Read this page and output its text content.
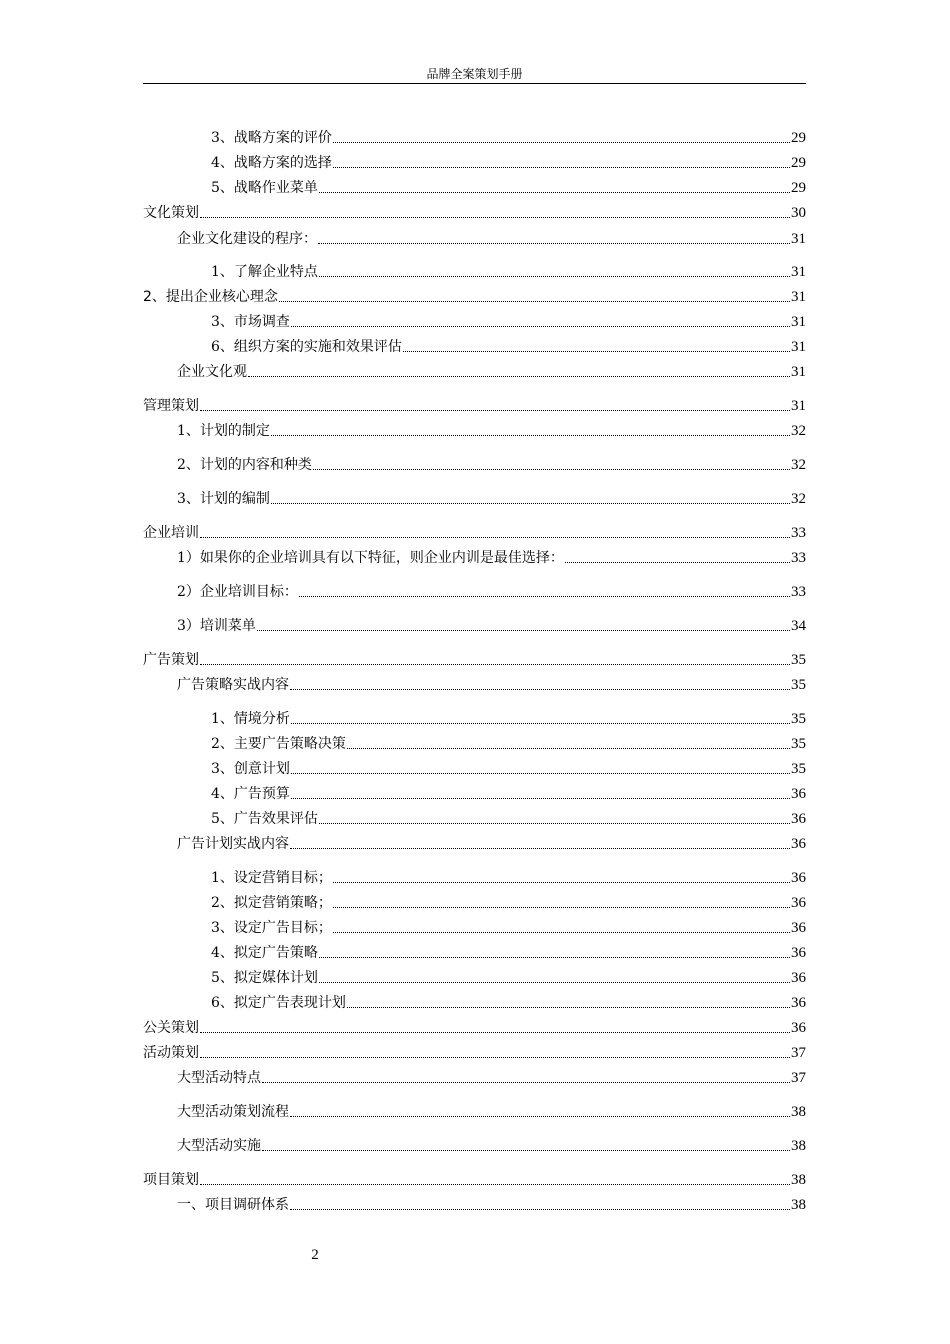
品牌全案策划手册
3、战略方案的评价	29
4、战略方案的选择	29
5、战略作业菜单	29
文化策划	30
企业文化建设的程序：	31
1、了解企业特点	31
2、提出企业核心理念	31
3、市场调查	31
6、组织方案的实施和效果评估	31
企业文化观	31
管理策划	31
1、计划的制定	32
2、计划的内容和种类	32
3、计划的编制	32
企业培训	33
1）如果你的企业培训具有以下特征，则企业内训是最佳选择：	33
2）企业培训目标：	33
3）培训菜单	34
广告策划	35
广告策略实战内容	35
1、情境分析	35
2、主要广告策略决策	35
3、创意计划	35
4、广告预算	36
5、广告效果评估	36
广告计划实战内容	36
1、设定营销目标；	36
2、拟定营销策略；	36
3、设定广告目标；	36
4、拟定广告策略	36
5、拟定媒体计划	36
6、拟定广告表现计划	36
公关策划	36
活动策划	37
大型活动特点	37
大型活动策划流程	38
大型活动实施	38
项目策划	38
一、项目调研体系	38
2
